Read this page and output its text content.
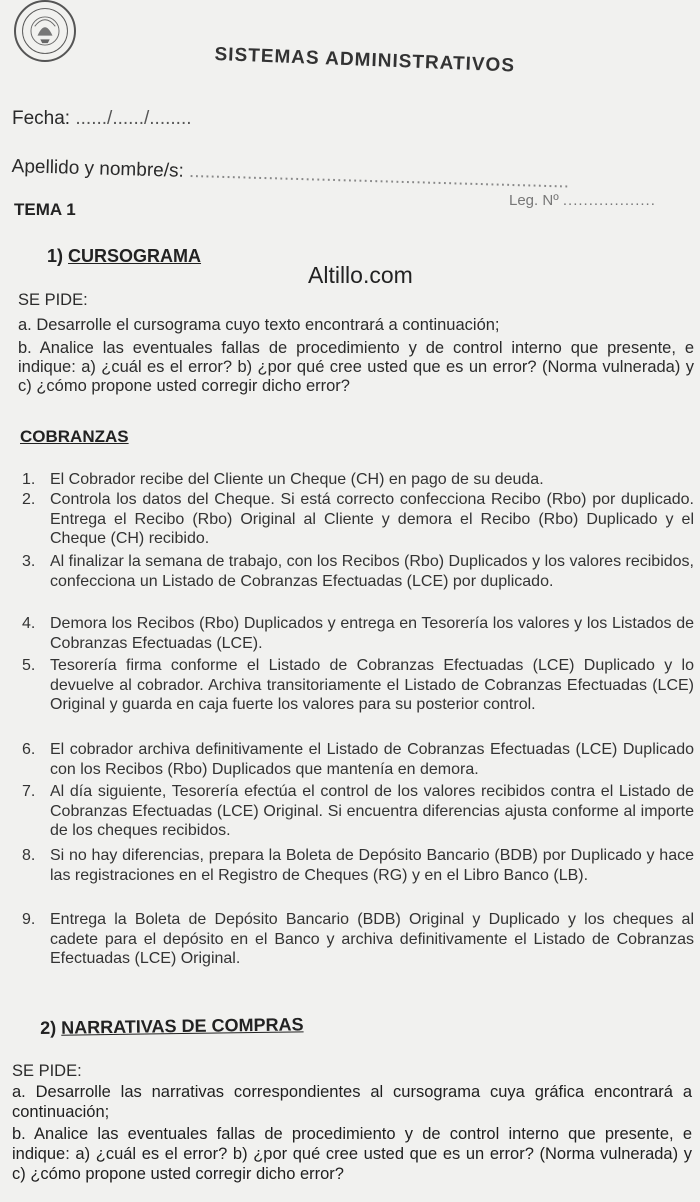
SISTEMAS ADMINISTRATIVOS
Fecha: ....../....../........
Apellido y nombre/s: ........................................................................
TEMA 1	Leg. Nº ..................
1) CURSOGRAMA
Altillo.com
SE PIDE:
a. Desarrolle el cursograma cuyo texto encontrará a continuación;
b. Analice las eventuales fallas de procedimiento y de control interno que presente, e indique: a) ¿cuál es el error? b) ¿por qué cree usted que es un error? (Norma vulnerada) y c) ¿cómo propone usted corregir dicho error?
COBRANZAS
1. El Cobrador recibe del Cliente un Cheque (CH) en pago de su deuda.
2. Controla los datos del Cheque. Si está correcto confecciona Recibo (Rbo) por duplicado. Entrega el Recibo (Rbo) Original al Cliente y demora el Recibo (Rbo) Duplicado y el Cheque (CH) recibido.
3. Al finalizar la semana de trabajo, con los Recibos (Rbo) Duplicados y los valores recibidos, confecciona un Listado de Cobranzas Efectuadas (LCE) por duplicado.
4. Demora los Recibos (Rbo) Duplicados y entrega en Tesorería los valores y los Listados de Cobranzas Efectuadas (LCE).
5. Tesorería firma conforme el Listado de Cobranzas Efectuadas (LCE) Duplicado y lo devuelve al cobrador. Archiva transitoriamente el Listado de Cobranzas Efectuadas (LCE) Original y guarda en caja fuerte los valores para su posterior control.
6. El cobrador archiva definitivamente el Listado de Cobranzas Efectuadas (LCE) Duplicado con los Recibos (Rbo) Duplicados que mantenía en demora.
7. Al día siguiente, Tesorería efectúa el control de los valores recibidos contra el Listado de Cobranzas Efectuadas (LCE) Original. Si encuentra diferencias ajusta conforme al importe de los cheques recibidos.
8. Si no hay diferencias, prepara la Boleta de Depósito Bancario (BDB) por Duplicado y hace las registraciones en el Registro de Cheques (RG) y en el Libro Banco (LB).
9. Entrega la Boleta de Depósito Bancario (BDB) Original y Duplicado y los cheques al cadete para el depósito en el Banco y archiva definitivamente el Listado de Cobranzas Efectuadas (LCE) Original.
2) NARRATIVAS DE COMPRAS
SE PIDE:
a. Desarrolle las narrativas correspondientes al cursograma cuya gráfica encontrará a continuación;
b. Analice las eventuales fallas de procedimiento y de control interno que presente, e indique: a) ¿cuál es el error? b) ¿por qué cree usted que es un error? (Norma vulnerada) y c) ¿cómo propone usted corregir dicho error?
